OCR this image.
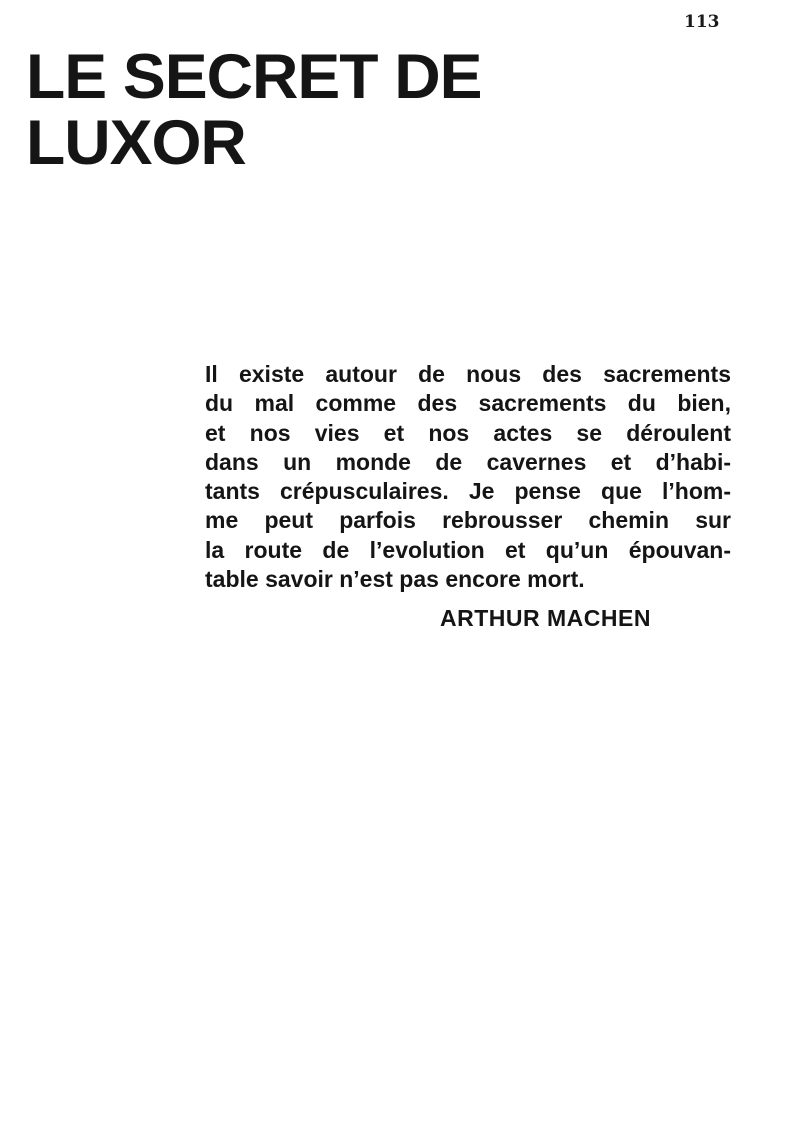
113
LE SECRET DE
LUXOR
Il existe autour de nous des sacrements
du mal comme des sacrements du bien,
et nos vies et nos actes se déroulent
dans un monde de cavernes et d’habi-
tants crépusculaires. Je pense que l’hom-
me peut parfois rebrousser chemin sur
la route de l’evolution et qu’un épouvan-
table savoir n’est pas encore mort.
ARTHUR MACHEN
